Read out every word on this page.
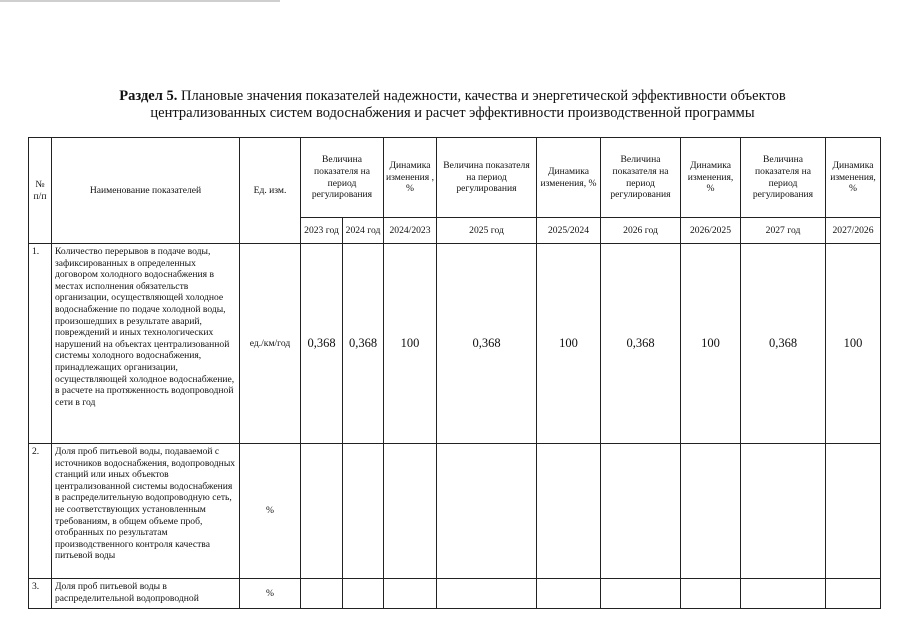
Раздел 5. Плановые значения показателей надежности, качества и энергетической эффективности объектов
централизованных систем водоснабжения и расчет эффективности производственной программы
№ п/п	Наименование показателей	Ед. изм.	Величина показателя на период регулирования		Динамика изменения , %	Величина показателя на период регулирования	Динамика изменения, %	Величина показателя на период регулирования	Динамика изменения, %	Величина показателя на период регулирования	Динамика изменения, %
			2023 год	2024 год	2024/2023	2025 год	2025/2024	2026 год	2026/2025	2027 год	2027/2026
1.	Количество перерывов в подаче воды, зафиксированных в определенных договором холодного водоснабжения в местах исполнения обязательств организации, осуществляющей холодное водоснабжение по подаче холодной воды, произошедших в результате аварий, повреждений и иных технологических нарушений на объектах централизованной системы холодного водоснабжения, принадлежащих организации, осуществляющей холодное водоснабжение, в расчете на протяженность водопроводной сети в год	ед./км/год	0,368	0,368	100	0,368	100	0,368	100	0,368	100
2.	Доля проб питьевой воды, подаваемой с источников водоснабжения, водопроводных станций или иных объектов централизованной системы водоснабжения в распределительную водопроводную сеть, не соответствующих установленным требованиям, в общем объеме проб, отобранных по результатам производственного контроля качества питьевой воды	%									
3.	Доля проб питьевой воды в распределительной водопроводной	%									
